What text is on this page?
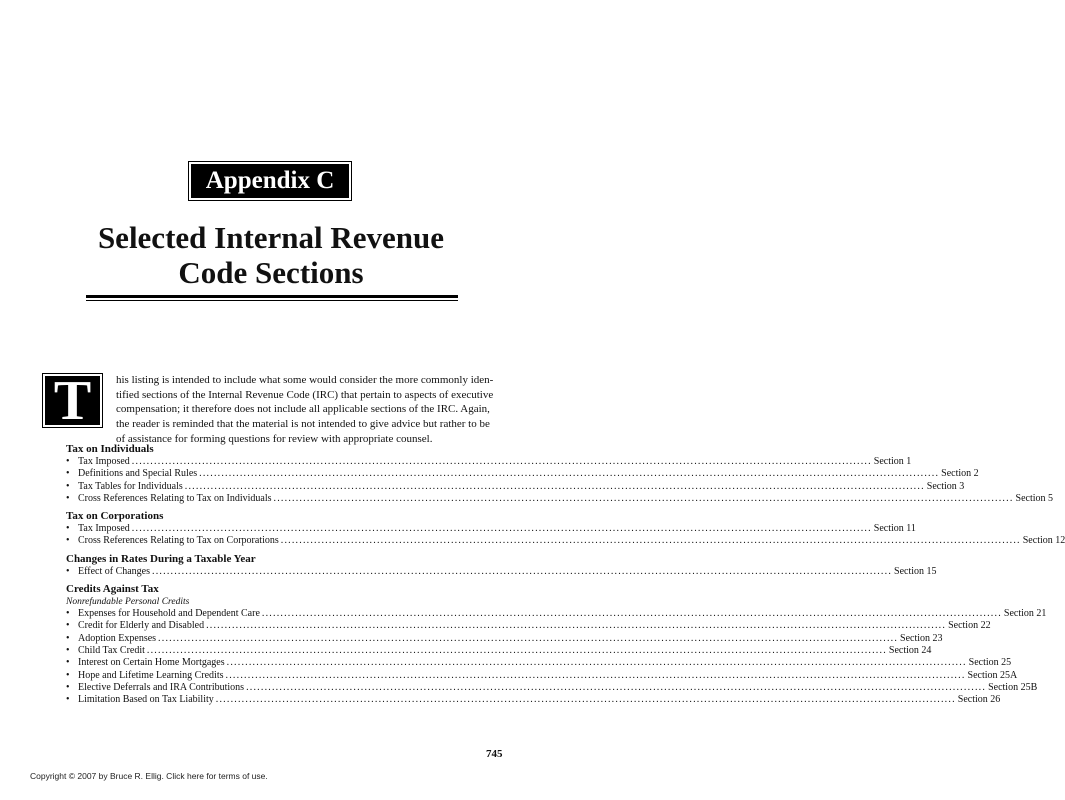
Appendix C
Selected Internal Revenue
Code Sections
T	his listing is intended to include what some would consider the more commonly iden-
tified sections of the Internal Revenue Code (IRC) that pertain to aspects of executive
compensation; it therefore does not include all applicable sections of the IRC. Again,
the reader is reminded that the material is not intended to give advice but rather to be
of assistance for forming questions for review with appropriate counsel.
Tax on Individuals
• Tax Imposed ........................................................................................................................................................................................................ Section 1
• Definitions and Special Rules ........................................................................................................................................................................................................ Section 2
• Tax Tables for Individuals ........................................................................................................................................................................................................ Section 3
• Cross References Relating to Tax on Individuals ........................................................................................................................................................................................................ Section 5
Tax on Corporations
• Tax Imposed ........................................................................................................................................................................................................ Section 11
• Cross References Relating to Tax on Corporations ........................................................................................................................................................................................................ Section 12
Changes in Rates During a Taxable Year
• Effect of Changes ........................................................................................................................................................................................................ Section 15
Credits Against Tax
Nonrefundable Personal Credits
• Expenses for Household and Dependent Care ........................................................................................................................................................................................................ Section 21
• Credit for Elderly and Disabled ........................................................................................................................................................................................................ Section 22
• Adoption Expenses ........................................................................................................................................................................................................ Section 23
• Child Tax Credit ........................................................................................................................................................................................................ Section 24
• Interest on Certain Home Mortgages ........................................................................................................................................................................................................ Section 25
• Hope and Lifetime Learning Credits ........................................................................................................................................................................................................ Section 25A
• Elective Deferrals and IRA Contributions ........................................................................................................................................................................................................ Section 25B
• Limitation Based on Tax Liability ........................................................................................................................................................................................................ Section 26
745
Copyright © 2007 by Bruce R. Ellig. Click here for terms of use.
